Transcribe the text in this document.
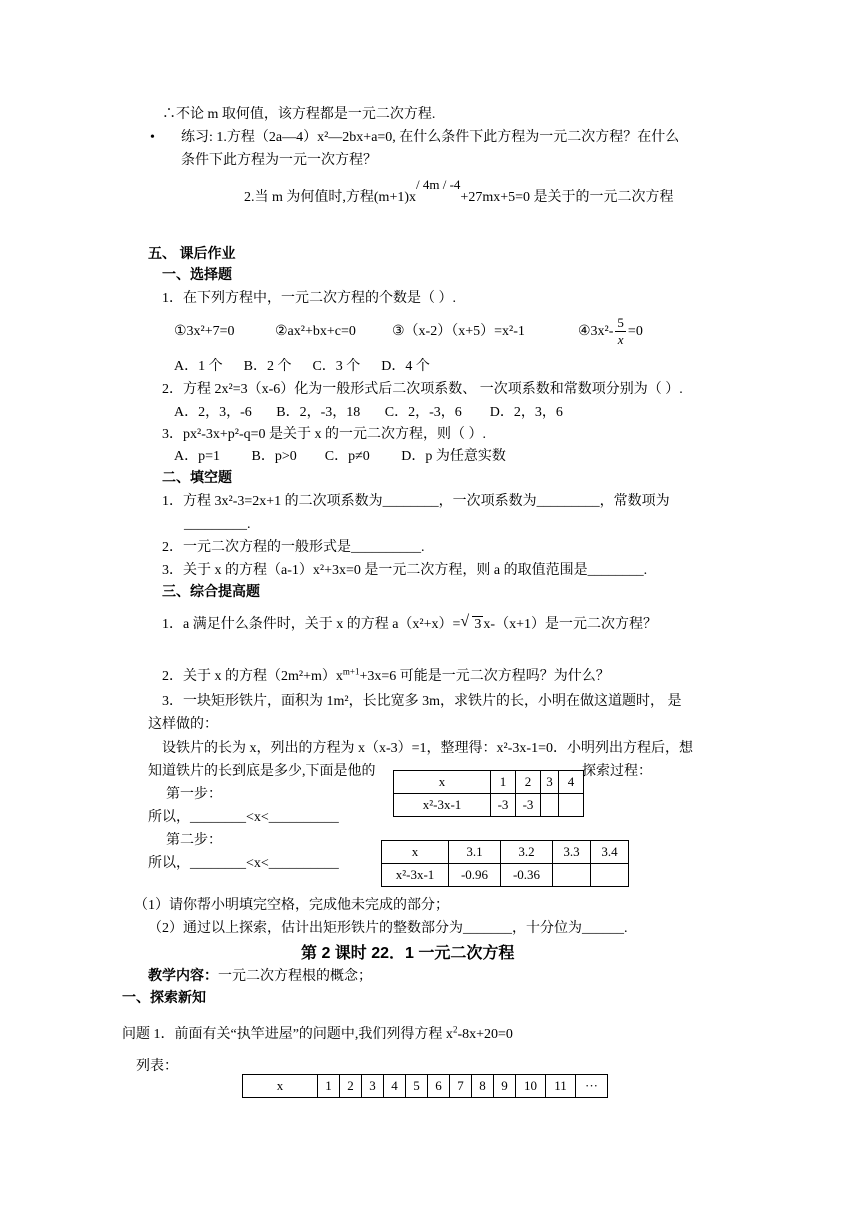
∴不论 m 取何值，该方程都是一元二次方程.
• 练习: 1.方程（2a—4）x²—2bx+a=0, 在什么条件下此方程为一元二次方程？在什么
条件下此方程为一元一次方程？
2.当 m 为何值时,方程(m+1)x/ 4m / -4+27mx+5=0 是关于的一元二次方程
五、 课后作业
一、选择题
1．在下列方程中，一元二次方程的个数是（ ）.
①3x²+7=0	②ax²+bx+c=0	③（x-2）（x+5）=x²-1	④3x²- $\frac{5}{x} =0$
A．1 个      B．2 个      C．3 个      D．4 个
2．方程 2x²=3（x-6）化为一般形式后二次项系数、 一次项系数和常数项分别为（ ）.
A．2，3，-6       B．2，-3，18       C．2，-3，6        D．2，3，6
3．px²-3x+p²-q=0 是关于 x 的一元二次方程，则（ ）.
A．p=1         B．p>0        C．p≠0         D．p 为任意实数
二、填空题
1．方程 3x²-3=2x+1 的二次项系数为________，一次项系数为_________，常数项为
_________.
2．一元二次方程的一般形式是__________.
3．关于 x 的方程（a-1）x²+3x=0 是一元二次方程，则 a 的取值范围是________.
三、综合提高题
1．a 满足什么条件时，关于 x 的方程 a（x²+x）= √ 3 x-（x+1）是一元二次方程？
2．关于 x 的方程$(2m^2+m)x^{m+1}+3x=6$ 可能是一元二次方程吗？为什么？
3．一块矩形铁片，面积为 1m²，长比宽多 3m，求铁片的长，小明在做这道题时， 是
这样做的：
设铁片的长为 x，列出的方程为 x（x-3）=1，整理得：x²-3x-1=0．小明列出方程后，想
知道铁片的长到底是多少,下面是他的	探索过程：
x	1	2	3	4
x²-3x-1	-3	-3		
第一步：
所以，________<x<__________
第二步：
所以，________<x<__________
x	3.1	3.2	3.3	3.4
x²-3x-1	-0.96	-0.36		
（1）请你帮小明填完空格，完成他未完成的部分；
（2）通过以上探索，估计出矩形铁片的整数部分为_______，十分位为______.
第 2 课时 22．1 一元二次方程
教学内容：一元二次方程根的概念；
一、探索新知
问题 1．前面有关“执竿进屋”的问题中,我们列得方程 $x^2-8x+20=0$
列表：
x	1	2	3	4	5	6	7	8	9	10	11	···
